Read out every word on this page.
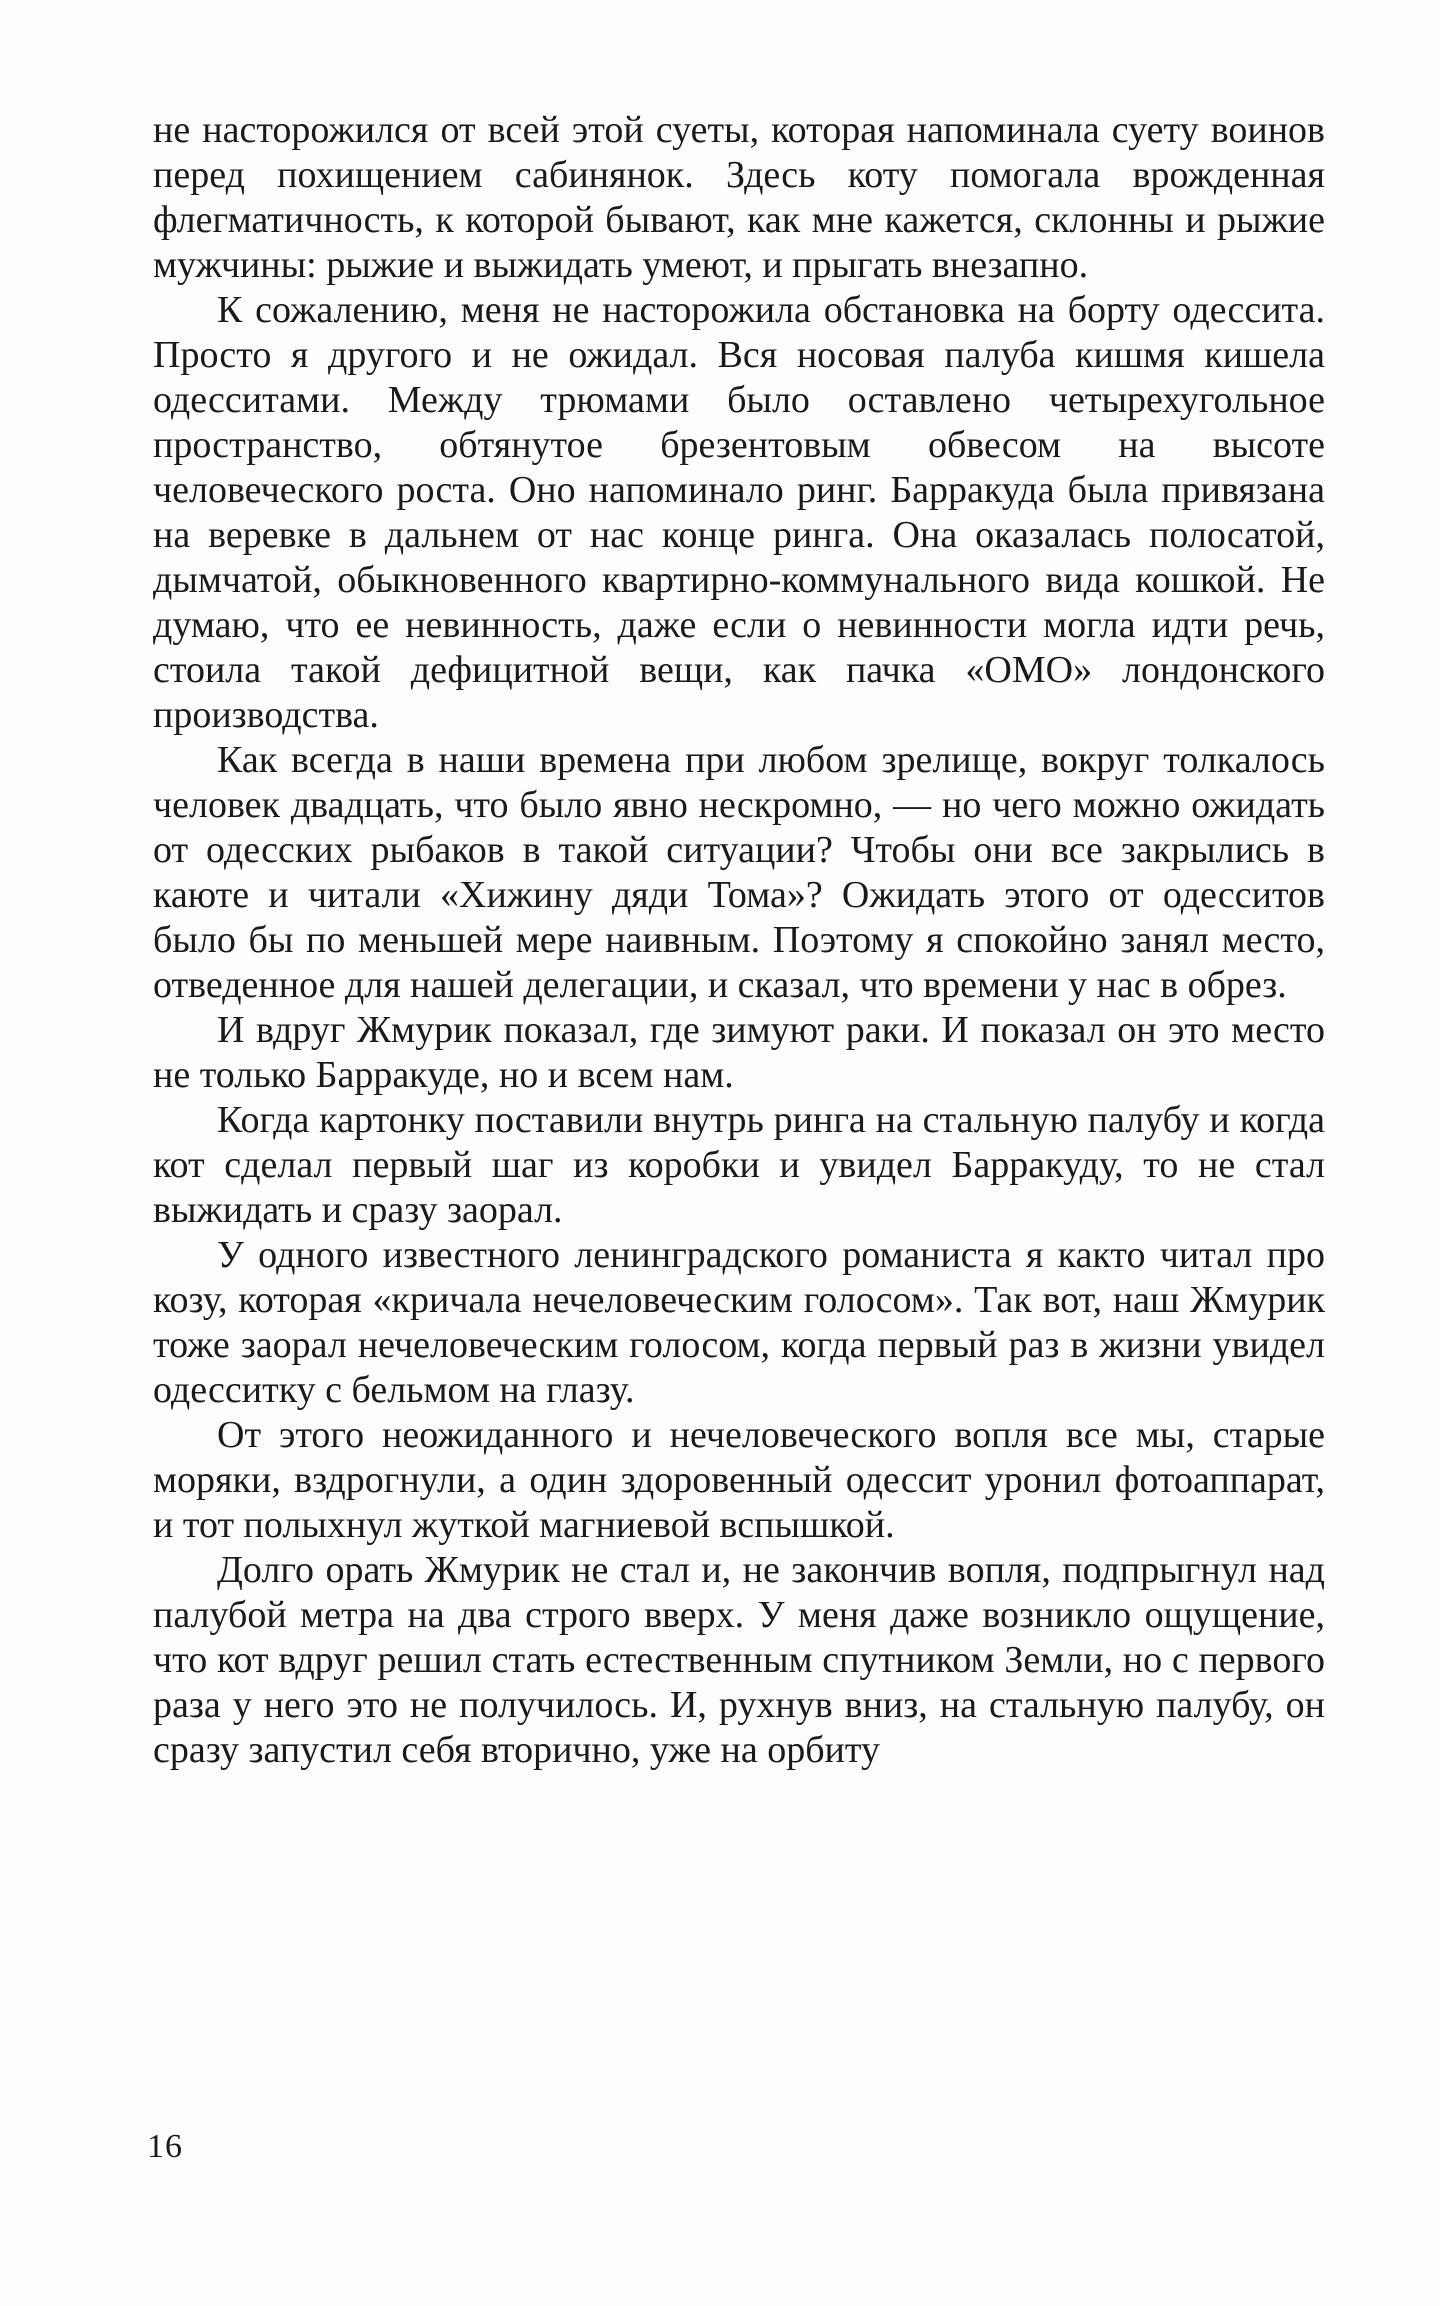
не насторожился от всей этой суеты, которая напоминала суету воинов перед похищением сабинянок. Здесь коту помогала врожденная флегматичность, к которой бывают, как мне кажется, склонны и рыжие мужчины: рыжие и выжидать умеют, и прыгать внезапно.

К сожалению, меня не насторожила обстановка на борту одессита. Просто я другого и не ожидал. Вся носовая палуба кишмя кишела одесситами. Между трюмами было оставлено четырехугольное пространство, обтянутое брезентовым обвесом на высоте человеческого роста. Оно напоминало ринг. Барракуда была привязана на веревке в дальнем от нас конце ринга. Она оказалась полосатой, дымчатой, обыкновенного квартирно-коммунального вида кошкой. Не думаю, что ее невинность, даже если о невинности могла идти речь, стоила такой дефицитной вещи, как пачка «ОМО» лондонского производства.

Как всегда в наши времена при любом зрелище, вокруг толкалось человек двадцать, что было явно нескромно, — но чего можно ожидать от одесских рыбаков в такой ситуации? Чтобы они все закрылись в каюте и читали «Хижину дяди Тома»? Ожидать этого от одесситов было бы по меньшей мере наивным. Поэтому я спокойно занял место, отведенное для нашей делегации, и сказал, что времени у нас в обрез.

И вдруг Жмурик показал, где зимуют раки. И показал он это место не только Барракуде, но и всем нам.

Когда картонку поставили внутрь ринга на стальную палубу и когда кот сделал первый шаг из коробки и увидел Барракуду, то не стал выжидать и сразу заорал.

У одного известного ленинградского романиста я както читал про козу, которая «кричала нечеловеческим голосом». Так вот, наш Жмурик тоже заорал нечеловеческим голосом, когда первый раз в жизни увидел одесситку с бельмом на глазу.

От этого неожиданного и нечеловеческого вопля все мы, старые моряки, вздрогнули, а один здоровенный одессит уронил фотоаппарат, и тот полыхнул жуткой магниевой вспышкой.

Долго орать Жмурик не стал и, не закончив вопля, подпрыгнул над палубой метра на два строго вверх. У меня даже возникло ощущение, что кот вдруг решил стать естественным спутником Земли, но с первого раза у него это не получилось. И, рухнув вниз, на стальную палубу, он сразу запустил себя вторично, уже на орбиту

16
